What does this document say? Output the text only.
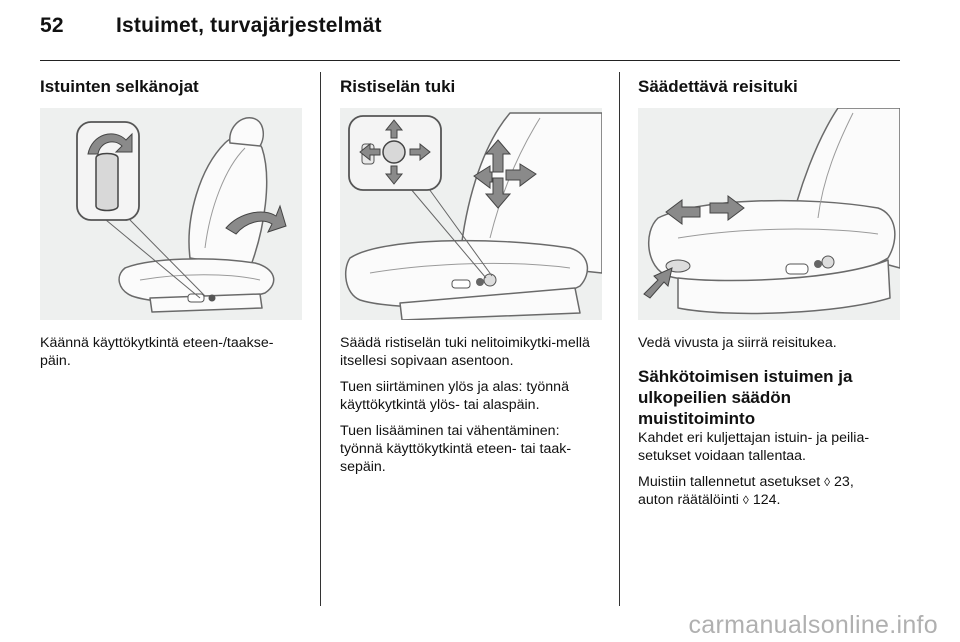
52 Istuimet, turvajärjestelmät
Istuinten selkänojat

Käännä käyttökytkintä eteen-/taakse-päin.

Ristiselän tuki

Säädä ristiselän tuki nelitoimikytki-mellä itsellesi sopivaan asentoon.

Tuen siirtäminen ylös ja alas: työnnä käyttökytkintä ylös- tai alaspäin.

Tuen lisääminen tai vähentäminen: työnnä käyttökytkintä eteen- tai taak-sepäin.

Säädettävä reisituki

Vedä vivusta ja siirrä reisitukea.

Sähkötoimisen istuimen ja ulkopeilien säädön muistitoiminto

Kahdet eri kuljettajan istuin- ja peilia-setukset voidaan tallentaa.

Muistiin tallennetut asetukset ◊ 23,
auton räätälöinti ◊ 124.

carmanualsonline.info
